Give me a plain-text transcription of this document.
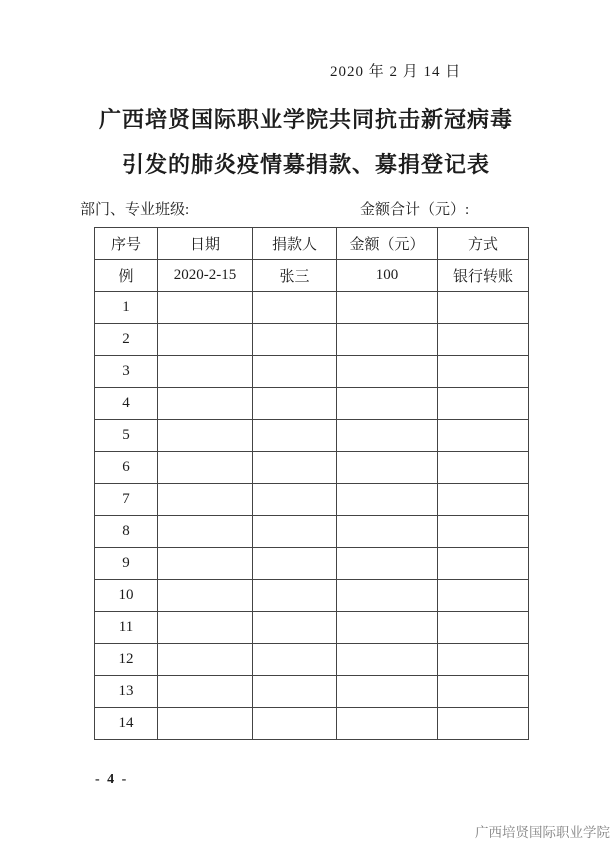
2020 年 2 月 14 日
广西培贤国际职业学院共同抗击新冠病毒
引发的肺炎疫情募捐款、募捐登记表
部门、专业班级:	金额合计（元）:
序号	日期	捐款人	金额（元）	方式
例	2020-2-15	张三	100	银行转账
1				
2				
3				
4				
5				
6				
7				
8				
9				
10				
11				
12				
13				
14				
- 4 -
广西培贤国际职业学院
